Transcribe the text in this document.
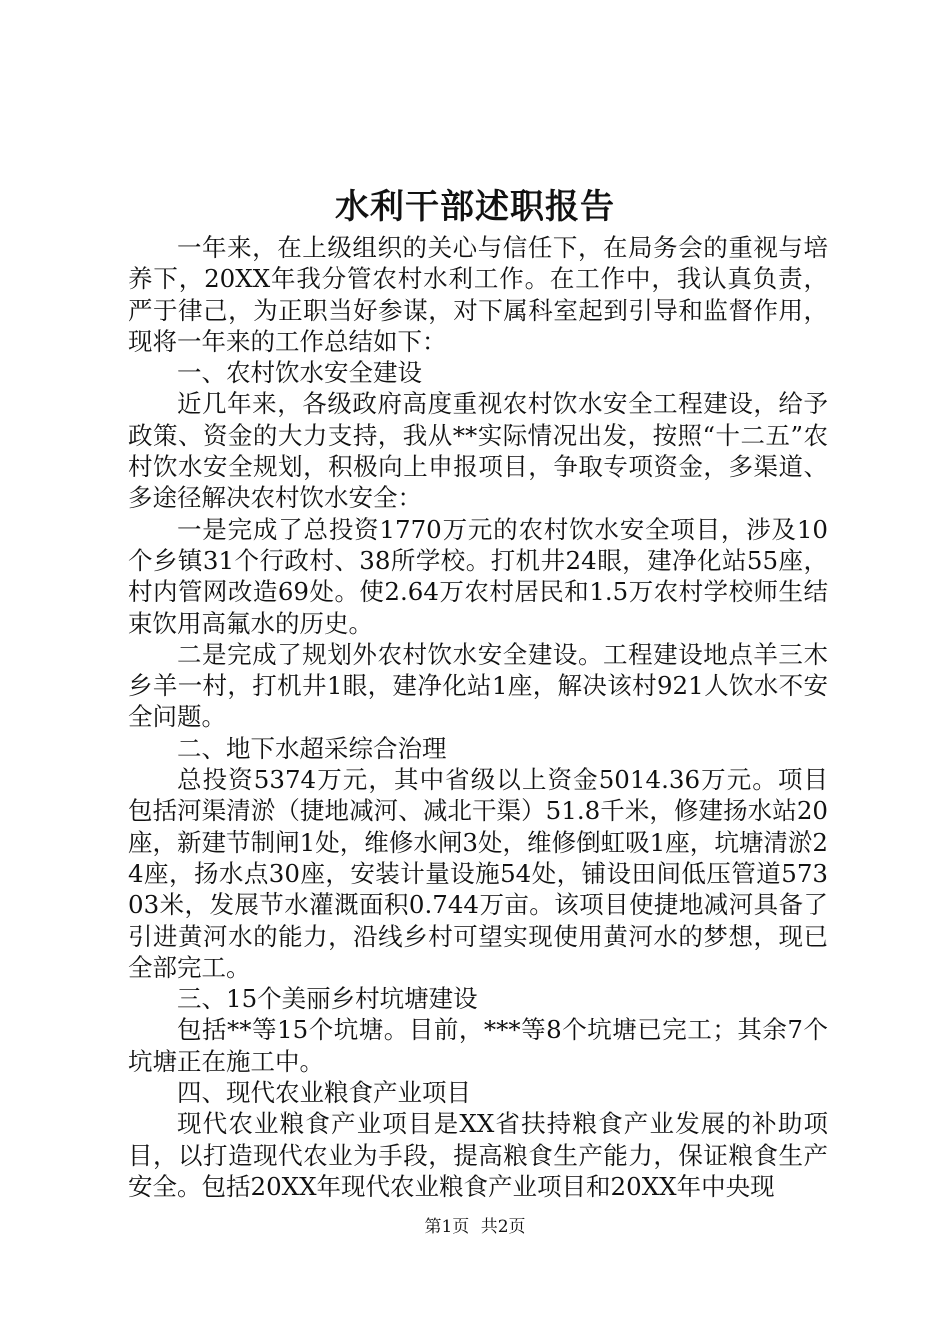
水利干部述职报告

一年来，在上级组织的关心与信任下，在局务会的重视与培养下，20XX年我分管农村水利工作。在工作中，我认真负责，严于律己，为正职当好参谋，对下属科室起到引导和监督作用，现将一年来的工作总结如下：

一、农村饮水安全建设

近几年来，各级政府高度重视农村饮水安全工程建设，给予政策、资金的大力支持，我从**实际情况出发，按照“十二五”农村饮水安全规划，积极向上申报项目，争取专项资金，多渠道、多途径解决农村饮水安全：

一是完成了总投资1770万元的农村饮水安全项目，涉及10个乡镇31个行政村、38所学校。打机井24眼，建净化站55座，村内管网改造69处。使2.64万农村居民和1.5万农村学校师生结束饮用高氟水的历史。

二是完成了规划外农村饮水安全建设。工程建设地点羊三木乡羊一村，打机井1眼，建净化站1座，解决该村921人饮水不安全问题。

二、地下水超采综合治理

总投资5374万元，其中省级以上资金5014.36万元。项目包括河渠清淤（捷地减河、减北干渠）51.8千米，修建扬水站20座，新建节制闸1处，维修水闸3处，维修倒虹吸1座，坑塘清淤24座，扬水点30座，安装计量设施54处，铺设田间低压管道57303米，发展节水灌溉面积0.744万亩。该项目使捷地减河具备了引进黄河水的能力，沿线乡村可望实现使用黄河水的梦想，现已全部完工。

三、15个美丽乡村坑塘建设

包括**等15个坑塘。目前，***等8个坑塘已完工；其余7个坑塘正在施工中。

四、现代农业粮食产业项目

现代农业粮食产业项目是XX省扶持粮食产业发展的补助项目，以打造现代农业为手段，提高粮食生产能力，保证粮食生产安全。包括20XX年现代农业粮食产业项目和20XX年中央现

第1页 共2页
